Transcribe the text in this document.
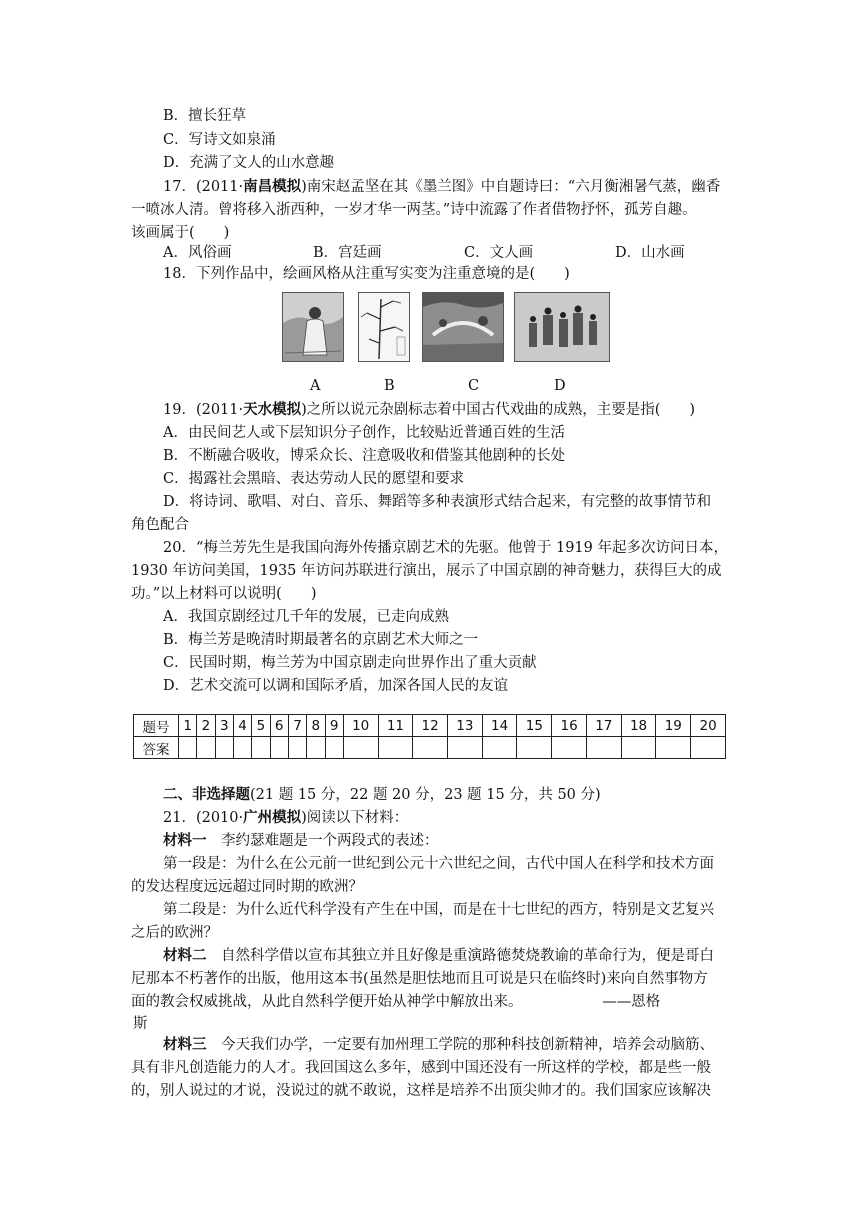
B．擅长狂草
C．写诗文如泉涌
D．充满了文人的山水意趣
17．(2011·南昌模拟)南宋赵孟坚在其《墨兰图》中自题诗曰：“六月衡湘暑气蒸，幽香
一喷冰人清。曾将移入浙西种，一岁才华一两茎。”诗中流露了作者借物抒怀，孤芳自趣。
该画属于(　　)
A．风俗画	B．宫廷画	C．文人画	D．山水画
18．下列作品中，绘画风格从注重写实变为注重意境的是(　　)
A	B	C	D
19．(2011·天水模拟)之所以说元杂剧标志着中国古代戏曲的成熟，主要是指(　　)
A．由民间艺人或下层知识分子创作，比较贴近普通百姓的生活
B．不断融合吸收，博采众长、注意吸收和借鉴其他剧种的长处
C．揭露社会黑暗、表达劳动人民的愿望和要求
D．将诗词、歌唱、对白、音乐、舞蹈等多种表演形式结合起来，有完整的故事情节和
角色配合
20．“梅兰芳先生是我国向海外传播京剧艺术的先驱。他曾于 1919 年起多次访问日本，
1930 年访问美国，1935 年访问苏联进行演出，展示了中国京剧的神奇魅力，获得巨大的成
功。”以上材料可以说明(　　)
A．我国京剧经过几千年的发展，已走向成熟
B．梅兰芳是晚清时期最著名的京剧艺术大师之一
C．民国时期，梅兰芳为中国京剧走向世界作出了重大贡献
D．艺术交流可以调和国际矛盾，加深各国人民的友谊
题号	1	2	3	4	5	6	7	8	9	10	11	12	13	14	15	16	17	18	19	20
答案																				
二、非选择题(21 题 15 分，22 题 20 分，23 题 15 分，共 50 分)
21．(2010·广州模拟)阅读以下材料：
材料一　李约瑟难题是一个两段式的表述：
第一段是：为什么在公元前一世纪到公元十六世纪之间，古代中国人在科学和技术方面
的发达程度远远超过同时期的欧洲？
第二段是：为什么近代科学没有产生在中国，而是在十七世纪的西方，特别是文艺复兴
之后的欧洲？
材料二　自然科学借以宣布其独立并且好像是重演路德焚烧教谕的革命行为，便是哥白
尼那本不朽著作的出版，他用这本书(虽然是胆怯地而且可说是只在临终时)来向自然事物方
面的教会权威挑战，从此自然科学便开始从神学中解放出来。　　　　　　——恩格
斯
材料三　今天我们办学，一定要有加州理工学院的那种科技创新精神，培养会动脑筋、
具有非凡创造能力的人才。我回国这么多年，感到中国还没有一所这样的学校，都是些一般
的，别人说过的才说，没说过的就不敢说，这样是培养不出顶尖帅才的。我们国家应该解决
